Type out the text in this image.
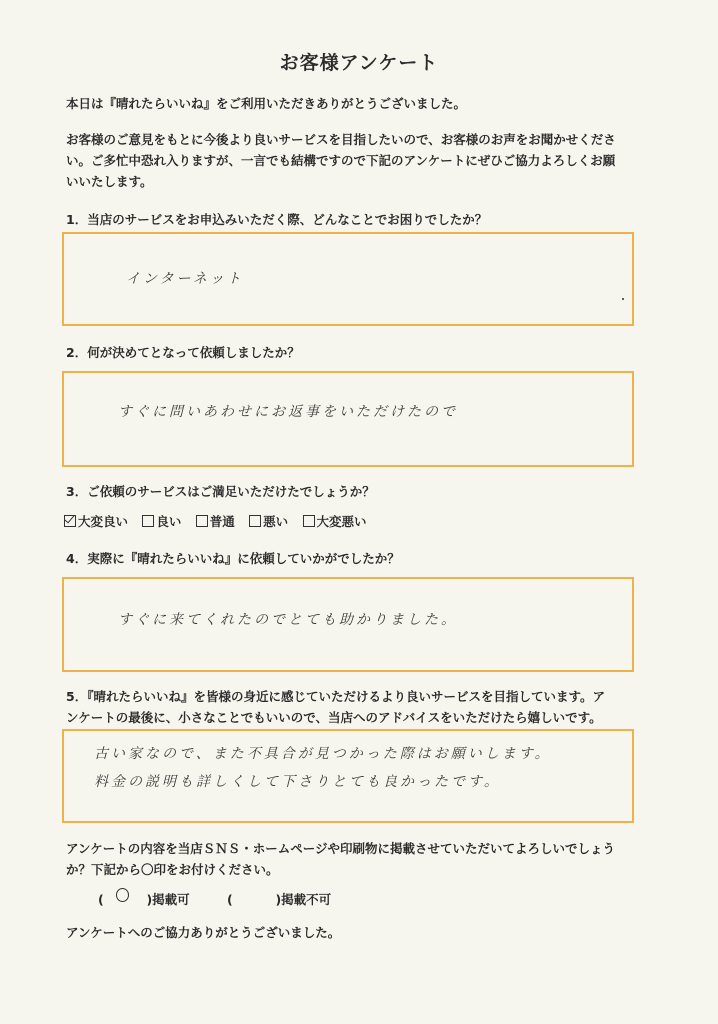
お客様アンケート
本日は『晴れたらいいね』をご利用いただきありがとうございました。
お客様のご意見をもとに今後より良いサービスを目指したいので、お客様のお声をお聞かせくださ
い。ご多忙中恐れ入りますが、一言でも結構ですので下記のアンケートにぜひご協力よろしくお願
いいたします。
1．当店のサービスをお申込みいただく際、どんなことでお困りでしたか？
インターネット
2．何が決めてとなって依頼しましたか？
すぐに問いあわせにお返事をいただけたので
3．ご依頼のサービスはご満足いただけたでしょうか？
大変良い 良い 普通 悪い 大変悪い
4．実際に『晴れたらいいね』に依頼していかがでしたか？
すぐに来てくれたのでとても助かりました。
5．『晴れたらいいね』を皆様の身近に感じていただけるより良いサービスを目指しています。ア
ンケートの最後に、小さなことでもいいので、当店へのアドバイスをいただけたら嬉しいです。
古い家なので、また不具合が見つかった際はお願いします。
料金の説明も詳しくして下さりとても良かったです。
アンケートの内容を当店ＳＮＳ・ホームページや印刷物に掲載させていただいてよろしいでしょう
か？下記から〇印をお付けください。
(	)掲載可	(	)掲載不可
アンケートへのご協力ありがとうございました。
